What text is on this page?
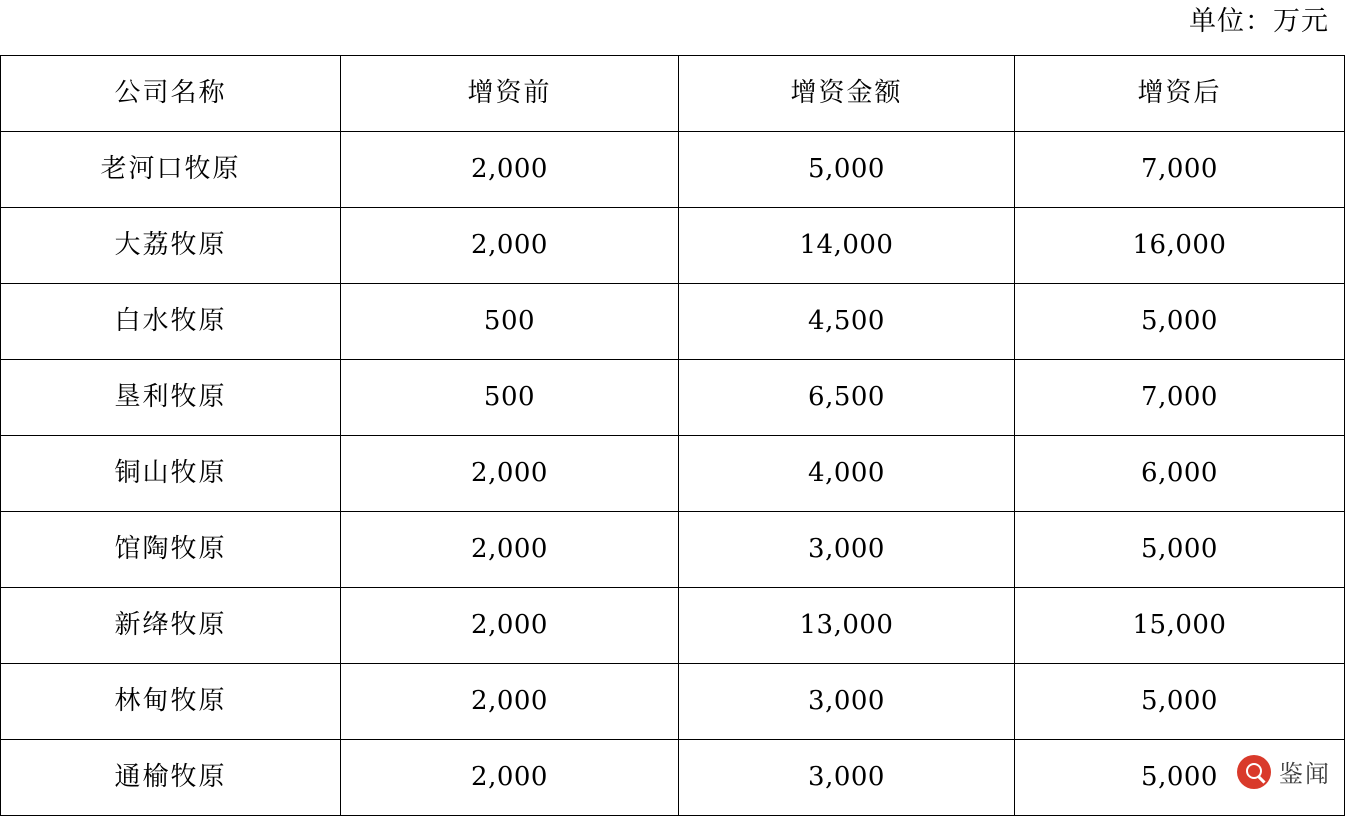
单位：万元
公司名称	增资前	增资金额	增资后
老河口牧原	2,000	5,000	7,000
大荔牧原	2,000	14,000	16,000
白水牧原	500	4,500	5,000
垦利牧原	500	6,500	7,000
铜山牧原	2,000	4,000	6,000
馆陶牧原	2,000	3,000	5,000
新绛牧原	2,000	13,000	15,000
林甸牧原	2,000	3,000	5,000
通榆牧原	2,000	3,000	5,000	鉴闻
